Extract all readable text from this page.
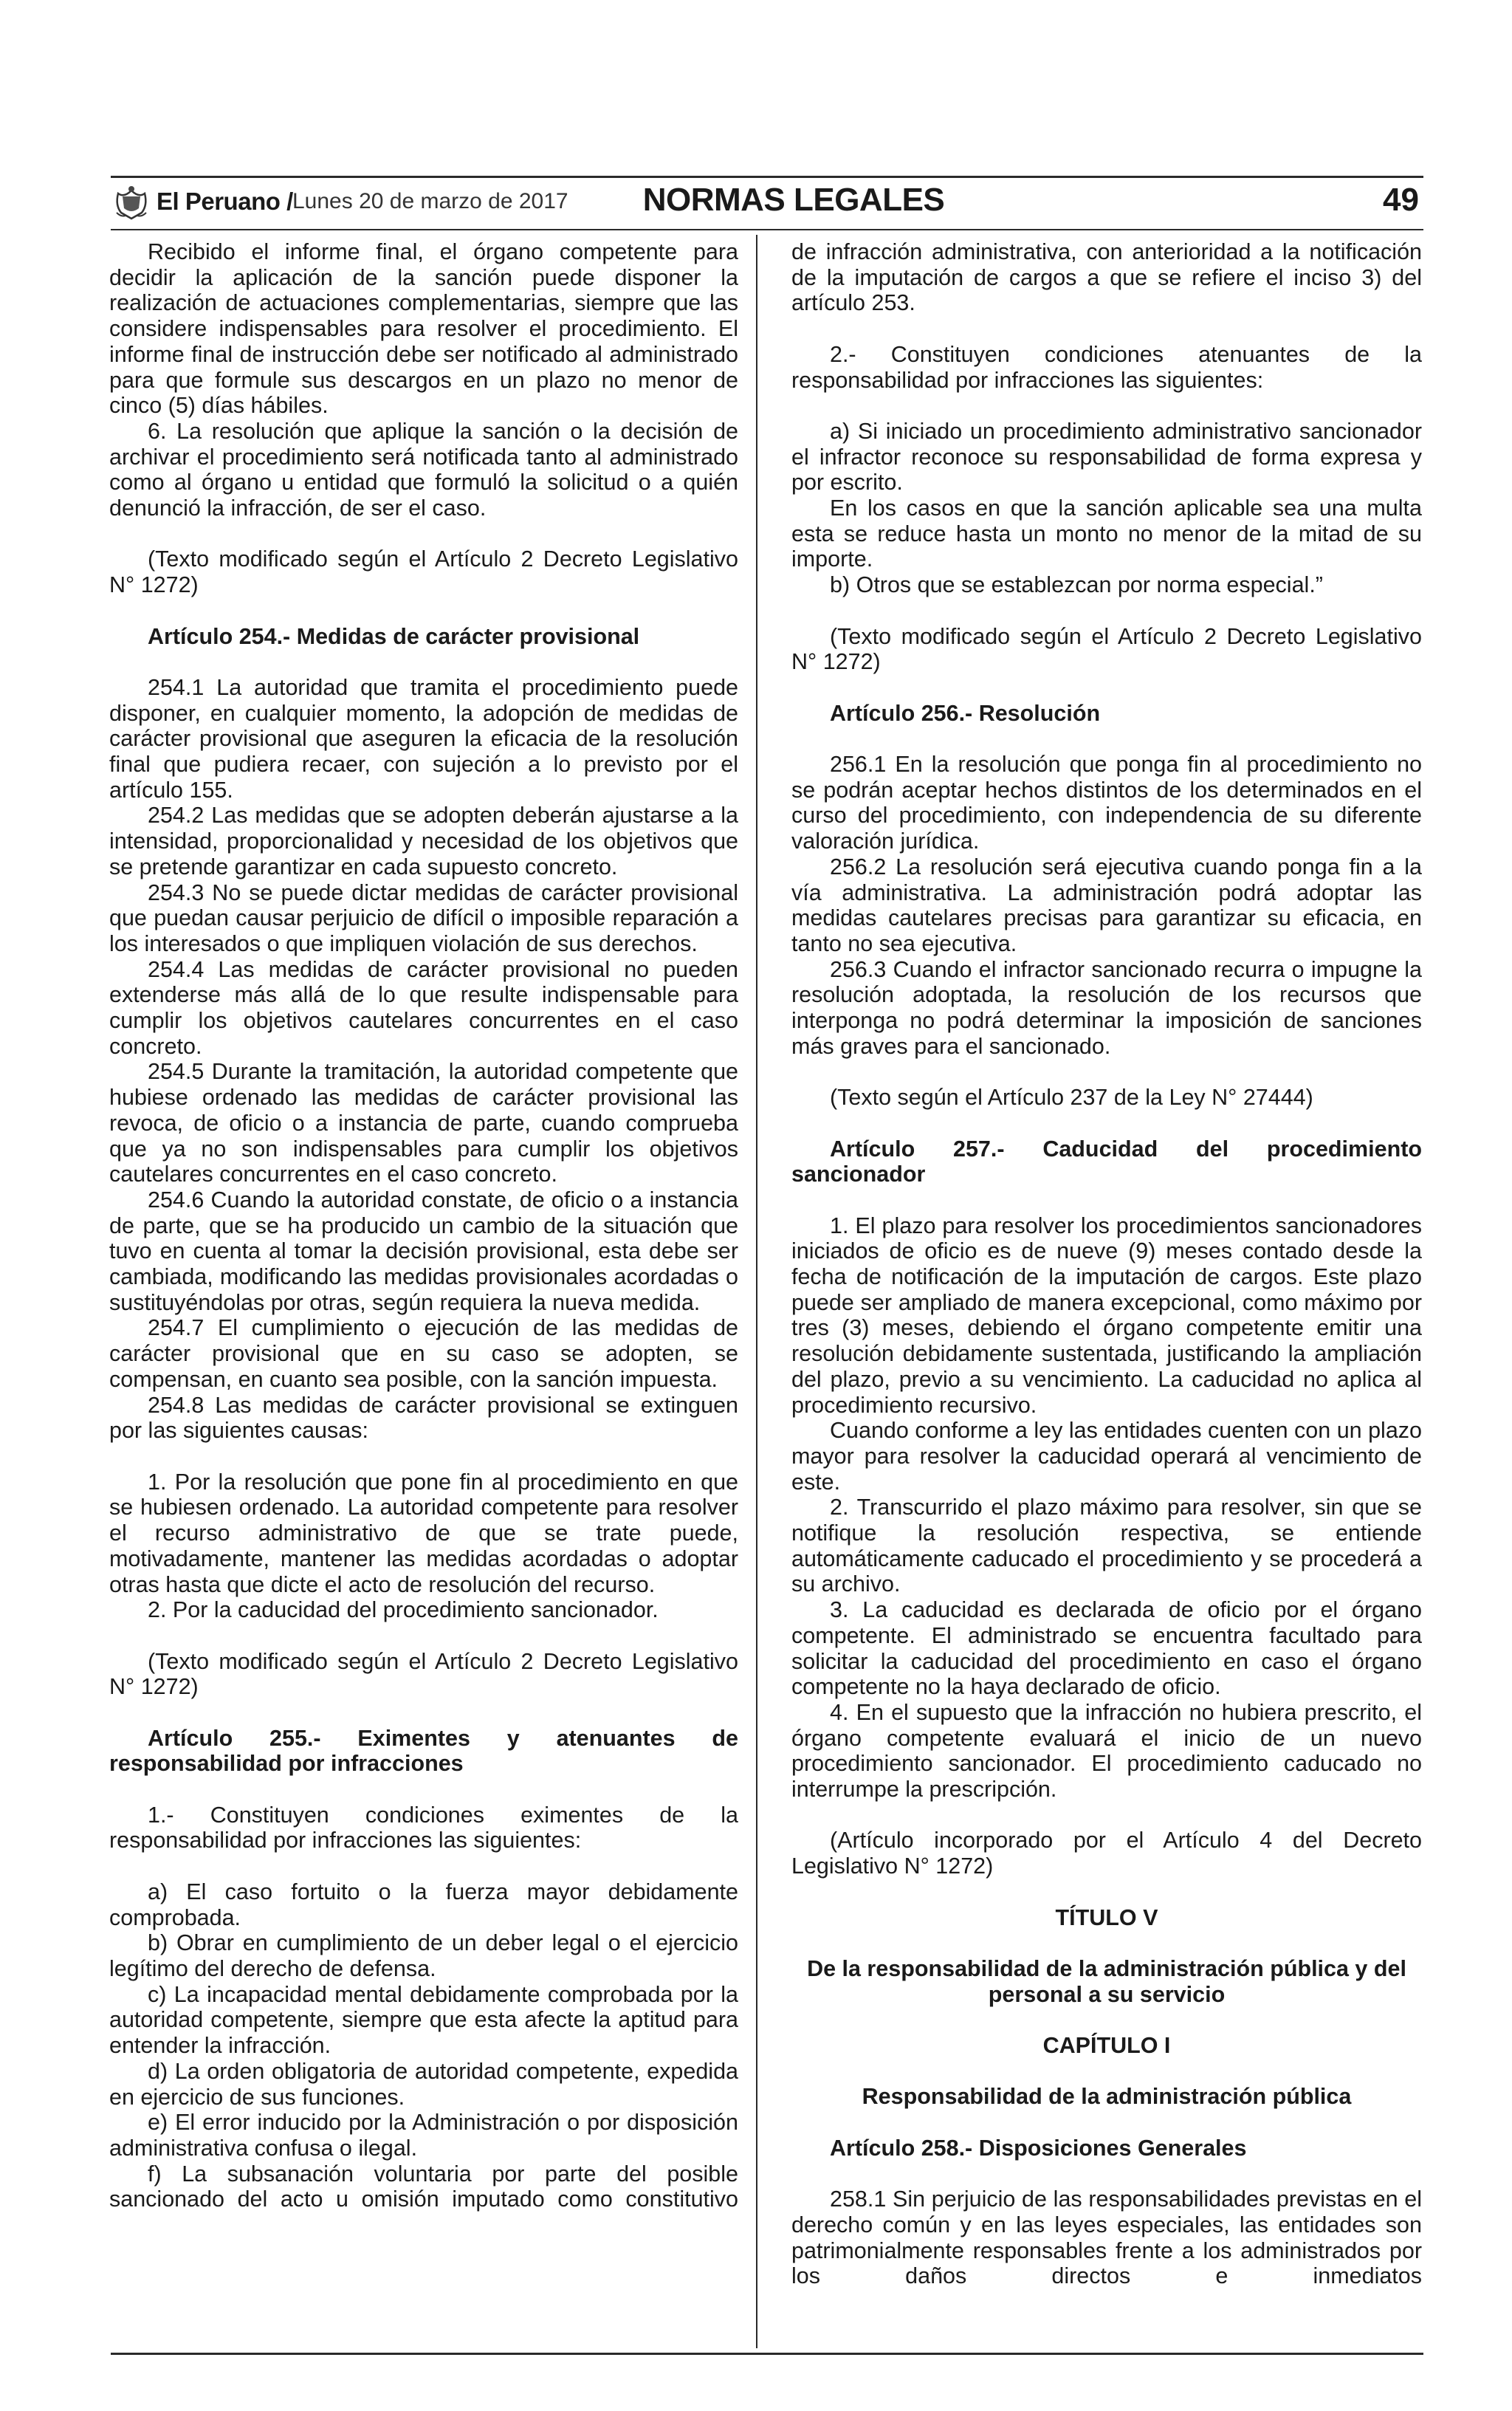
El Peruano / Lunes 20 de marzo de 2017	NORMAS LEGALES	49

Recibido el informe final, el órgano competente para decidir la aplicación de la sanción puede disponer la realización de actuaciones complementarias, siempre que las considere indispensables para resolver el procedimiento. El informe final de instrucción debe ser notificado al administrado para que formule sus descargos en un plazo no menor de cinco (5) días hábiles.

6. La resolución que aplique la sanción o la decisión de archivar el procedimiento será notificada tanto al administrado como al órgano u entidad que formuló la solicitud o a quién denunció la infracción, de ser el caso.

(Texto modificado según el Artículo 2 Decreto Legislativo N° 1272)

Artículo 254.- Medidas de carácter provisional

254.1 La autoridad que tramita el procedimiento puede disponer, en cualquier momento, la adopción de medidas de carácter provisional que aseguren la eficacia de la resolución final que pudiera recaer, con sujeción a lo previsto por el artículo 155.

254.2 Las medidas que se adopten deberán ajustarse a la intensidad, proporcionalidad y necesidad de los objetivos que se pretende garantizar en cada supuesto concreto.

254.3 No se puede dictar medidas de carácter provisional que puedan causar perjuicio de difícil o imposible reparación a los interesados o que impliquen violación de sus derechos.

254.4 Las medidas de carácter provisional no pueden extenderse más allá de lo que resulte indispensable para cumplir los objetivos cautelares concurrentes en el caso concreto.

254.5 Durante la tramitación, la autoridad competente que hubiese ordenado las medidas de carácter provisional las revoca, de oficio o a instancia de parte, cuando comprueba que ya no son indispensables para cumplir los objetivos cautelares concurrentes en el caso concreto.

254.6 Cuando la autoridad constate, de oficio o a instancia de parte, que se ha producido un cambio de la situación que tuvo en cuenta al tomar la decisión provisional, esta debe ser cambiada, modificando las medidas provisionales acordadas o sustituyéndolas por otras, según requiera la nueva medida.

254.7 El cumplimiento o ejecución de las medidas de carácter provisional que en su caso se adopten, se compensan, en cuanto sea posible, con la sanción impuesta.

254.8 Las medidas de carácter provisional se extinguen por las siguientes causas:

1. Por la resolución que pone fin al procedimiento en que se hubiesen ordenado. La autoridad competente para resolver el recurso administrativo de que se trate puede, motivadamente, mantener las medidas acordadas o adoptar otras hasta que dicte el acto de resolución del recurso.

2. Por la caducidad del procedimiento sancionador.

(Texto modificado según el Artículo 2 Decreto Legislativo N° 1272)

Artículo 255.- Eximentes y atenuantes de responsabilidad por infracciones

1.- Constituyen condiciones eximentes de la responsabilidad por infracciones las siguientes:

a) El caso fortuito o la fuerza mayor debidamente comprobada.

b) Obrar en cumplimiento de un deber legal o el ejercicio legítimo del derecho de defensa.

c) La incapacidad mental debidamente comprobada por la autoridad competente, siempre que esta afecte la aptitud para entender la infracción.

d) La orden obligatoria de autoridad competente, expedida en ejercicio de sus funciones.

e) El error inducido por la Administración o por disposición administrativa confusa o ilegal.

f) La subsanación voluntaria por parte del posible sancionado del acto u omisión imputado como constitutivo

de infracción administrativa, con anterioridad a la notificación de la imputación de cargos a que se refiere el inciso 3) del artículo 253.

2.- Constituyen condiciones atenuantes de la responsabilidad por infracciones las siguientes:

a) Si iniciado un procedimiento administrativo sancionador el infractor reconoce su responsabilidad de forma expresa y por escrito.

En los casos en que la sanción aplicable sea una multa esta se reduce hasta un monto no menor de la mitad de su importe.

b) Otros que se establezcan por norma especial.”

(Texto modificado según el Artículo 2 Decreto Legislativo N° 1272)

Artículo 256.- Resolución

256.1 En la resolución que ponga fin al procedimiento no se podrán aceptar hechos distintos de los determinados en el curso del procedimiento, con independencia de su diferente valoración jurídica.

256.2 La resolución será ejecutiva cuando ponga fin a la vía administrativa. La administración podrá adoptar las medidas cautelares precisas para garantizar su eficacia, en tanto no sea ejecutiva.

256.3 Cuando el infractor sancionado recurra o impugne la resolución adoptada, la resolución de los recursos que interponga no podrá determinar la imposición de sanciones más graves para el sancionado.

(Texto según el Artículo 237 de la Ley N° 27444)

Artículo 257.- Caducidad del procedimiento sancionador

1. El plazo para resolver los procedimientos sancionadores iniciados de oficio es de nueve (9) meses contado desde la fecha de notificación de la imputación de cargos. Este plazo puede ser ampliado de manera excepcional, como máximo por tres (3) meses, debiendo el órgano competente emitir una resolución debidamente sustentada, justificando la ampliación del plazo, previo a su vencimiento. La caducidad no aplica al procedimiento recursivo.

Cuando conforme a ley las entidades cuenten con un plazo mayor para resolver la caducidad operará al vencimiento de este.

2. Transcurrido el plazo máximo para resolver, sin que se notifique la resolución respectiva, se entiende automáticamente caducado el procedimiento y se procederá a su archivo.

3. La caducidad es declarada de oficio por el órgano competente. El administrado se encuentra facultado para solicitar la caducidad del procedimiento en caso el órgano competente no la haya declarado de oficio.

4. En el supuesto que la infracción no hubiera prescrito, el órgano competente evaluará el inicio de un nuevo procedimiento sancionador. El procedimiento caducado no interrumpe la prescripción.

(Artículo incorporado por el Artículo 4 del Decreto Legislativo N° 1272)

TÍTULO V

De la responsabilidad de la administración pública y del personal a su servicio

CAPÍTULO I

Responsabilidad de la administración pública

Artículo 258.- Disposiciones Generales

258.1 Sin perjuicio de las responsabilidades previstas en el derecho común y en las leyes especiales, las entidades son patrimonialmente responsables frente a los administrados por los daños directos e inmediatos
